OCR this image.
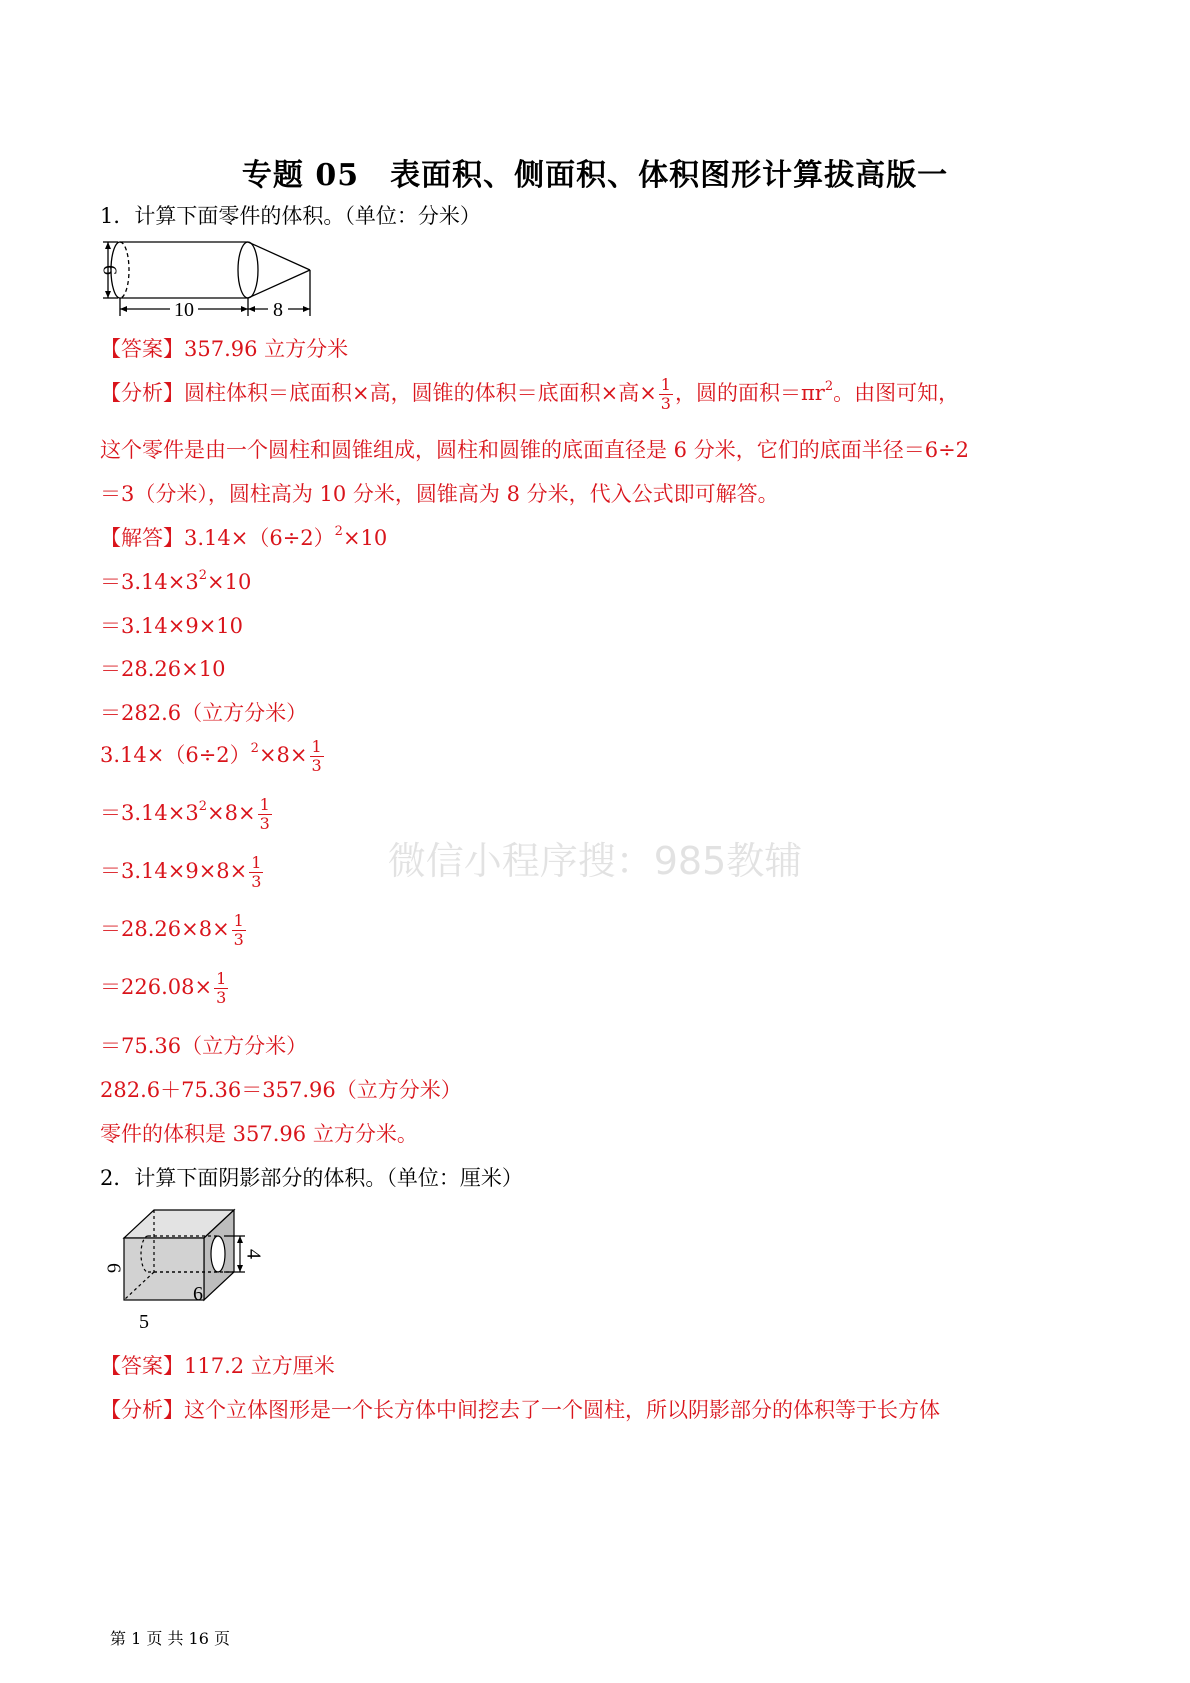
专题 05　表面积、侧面积、体积图形计算拔高版一
1．计算下面零件的体积。（单位：分米）
6
10	8
【答案】357.96 立方分米
【分析】圆柱体积＝底面积×高，圆锥的体积＝底面积×高× $\frac{1}{3}$ ，圆的面积$=\pi r^2$。由图可知，
这个零件是由一个圆柱和圆锥组成，圆柱和圆锥的底面直径是 6 分米，它们的底面半径＝6÷2
＝3（分米），圆柱高为 10 分米，圆锥高为 8 分米，代入公式即可解答。
【解答】$3.14\times(6\div 2)^2\times 10$
$=3.14\times 3^2\times 10$
＝3.14×9×10
＝28.26×10
＝282.6（立方分米）
$3.14\times(6\div 2)^2\times 8\times \frac{1}{3}$
$=3.14\times 3^2\times 8\times \frac{1}{3}$
$=3.14\times 9\times 8\times \frac{1}{3}$
$=28.26\times 8\times \frac{1}{3}$
$=226.08\times \frac{1}{3}$
＝75.36（立方分米）
282.6＋75.36＝357.96（立方分米）
零件的体积是 357.96 立方分米。
2．计算下面阴影部分的体积。（单位：厘米）
6
5
6
4
【答案】117.2 立方厘米
【分析】这个立体图形是一个长方体中间挖去了一个圆柱，所以阴影部分的体积等于长方体
微信小程序搜：985教辅
第 1 页 共 16 页
